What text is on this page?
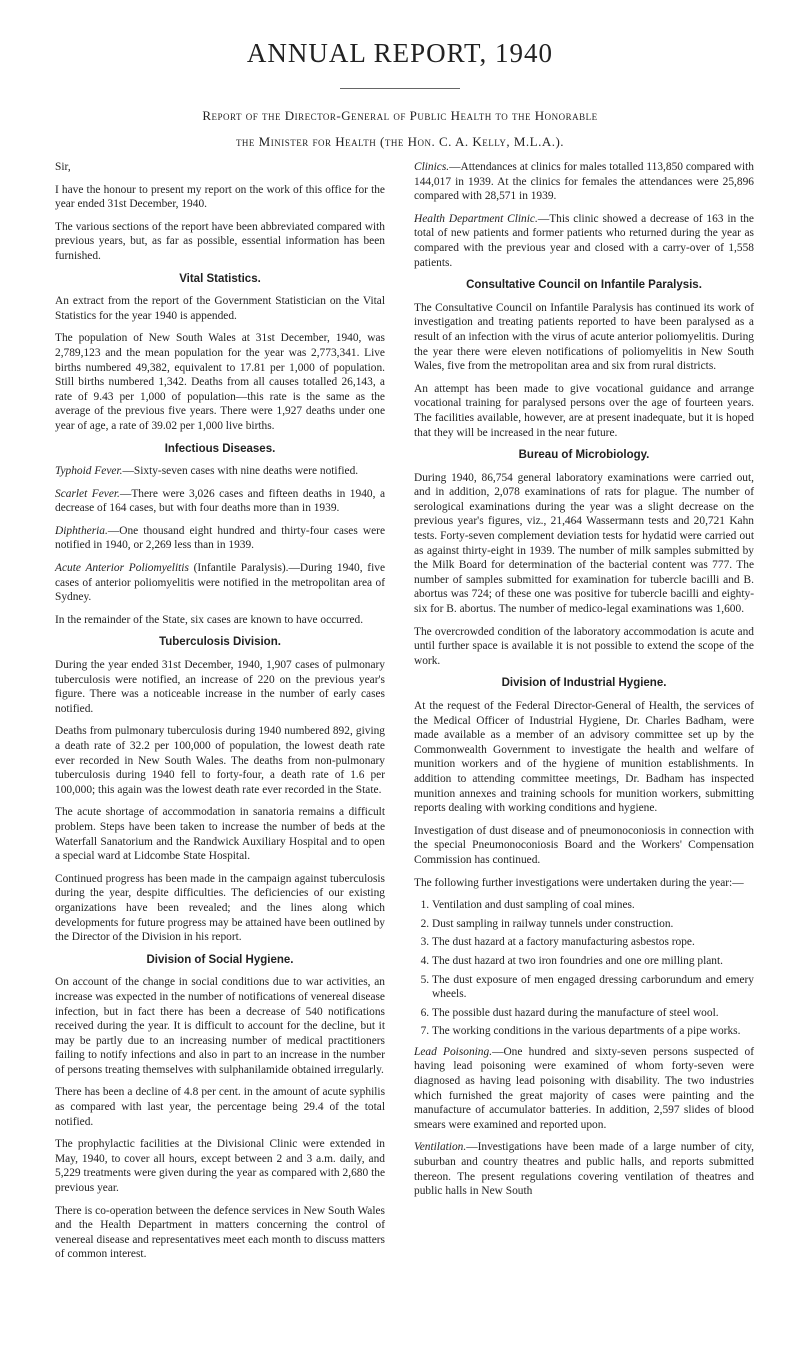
ANNUAL REPORT, 1940
Report of the Director-General of Public Health to the Honorable
the Minister for Health (the Hon. C. A. Kelly, M.L.A.).

Sir,

I have the honour to present my report on the work of this office for the year ended 31st December, 1940.

The various sections of the report have been abbreviated compared with previous years, but, as far as possible, essential information has been furnished.

Vital Statistics.

An extract from the report of the Government Statistician on the Vital Statistics for the year 1940 is appended.

The population of New South Wales at 31st December, 1940, was 2,789,123 and the mean population for the year was 2,773,341. Live births numbered 49,382, equivalent to 17.81 per 1,000 of population. Still births numbered 1,342. Deaths from all causes totalled 26,143, a rate of 9.43 per 1,000 of population—this rate is the same as the average of the previous five years. There were 1,927 deaths under one year of age, a rate of 39.02 per 1,000 live births.

Infectious Diseases.

Typhoid Fever.—Sixty-seven cases with nine deaths were notified.

Scarlet Fever.—There were 3,026 cases and fifteen deaths in 1940, a decrease of 164 cases, but with four deaths more than in 1939.

Diphtheria.—One thousand eight hundred and thirty-four cases were notified in 1940, or 2,269 less than in 1939.

Acute Anterior Poliomyelitis (Infantile Paralysis).—During 1940, five cases of anterior poliomyelitis were notified in the metropolitan area of Sydney.

In the remainder of the State, six cases are known to have occurred.

Tuberculosis Division.

During the year ended 31st December, 1940, 1,907 cases of pulmonary tuberculosis were notified, an increase of 220 on the previous year's figure. There was a noticeable increase in the number of early cases notified.

Deaths from pulmonary tuberculosis during 1940 numbered 892, giving a death rate of 32.2 per 100,000 of population, the lowest death rate ever recorded in New South Wales. The deaths from non-pulmonary tuberculosis during 1940 fell to forty-four, a death rate of 1.6 per 100,000; this again was the lowest death rate ever recorded in the State.

The acute shortage of accommodation in sanatoria remains a difficult problem. Steps have been taken to increase the number of beds at the Waterfall Sanatorium and the Randwick Auxiliary Hospital and to open a special ward at Lidcombe State Hospital.

Continued progress has been made in the campaign against tuberculosis during the year, despite difficulties. The deficiencies of our existing organizations have been revealed; and the lines along which developments for future progress may be attained have been outlined by the Director of the Division in his report.

Division of Social Hygiene.

On account of the change in social conditions due to war activities, an increase was expected in the number of notifications of venereal disease infection, but in fact there has been a decrease of 540 notifications received during the year. It is difficult to account for the decline, but it may be partly due to an increasing number of medical practitioners failing to notify infections and also in part to an increase in the number of persons treating themselves with sulphanilamide obtained irregularly.

There has been a decline of 4.8 per cent. in the amount of acute syphilis as compared with last year, the percentage being 29.4 of the total notified.

The prophylactic facilities at the Divisional Clinic were extended in May, 1940, to cover all hours, except between 2 and 3 a.m. daily, and 5,229 treatments were given during the year as compared with 2,680 the previous year.

There is co-operation between the defence services in New South Wales and the Health Department in matters concerning the control of venereal disease and representatives meet each month to discuss matters of common interest.

Clinics.—Attendances at clinics for males totalled 113,850 compared with 144,017 in 1939. At the clinics for females the attendances were 25,896 compared with 28,571 in 1939.

Health Department Clinic.—This clinic showed a decrease of 163 in the total of new patients and former patients who returned during the year as compared with the previous year and closed with a carry-over of 1,558 patients.

Consultative Council on Infantile Paralysis.

The Consultative Council on Infantile Paralysis has continued its work of investigation and treating patients reported to have been paralysed as a result of an infection with the virus of acute anterior poliomyelitis. During the year there were eleven notifications of poliomyelitis in New South Wales, five from the metropolitan area and six from rural districts.

An attempt has been made to give vocational guidance and arrange vocational training for paralysed persons over the age of fourteen years. The facilities available, however, are at present inadequate, but it is hoped that they will be increased in the near future.

Bureau of Microbiology.

During 1940, 86,754 general laboratory examinations were carried out, and in addition, 2,078 examinations of rats for plague. The number of serological examinations during the year was a slight decrease on the previous year's figures, viz., 21,464 Wassermann tests and 20,721 Kahn tests. Forty-seven complement deviation tests for hydatid were carried out as against thirty-eight in 1939. The number of milk samples submitted by the Milk Board for determination of the bacterial content was 777. The number of samples submitted for examination for tubercle bacilli and B. abortus was 724; of these one was positive for tubercle bacilli and eighty-six for B. abortus. The number of medico-legal examinations was 1,600.

The overcrowded condition of the laboratory accommodation is acute and until further space is available it is not possible to extend the scope of the work.

Division of Industrial Hygiene.

At the request of the Federal Director-General of Health, the services of the Medical Officer of Industrial Hygiene, Dr. Charles Badham, were made available as a member of an advisory committee set up by the Commonwealth Government to investigate the health and welfare of munition workers and of the hygiene of munition establishments. In addition to attending committee meetings, Dr. Badham has inspected munition annexes and training schools for munition workers, submitting reports dealing with working conditions and hygiene.

Investigation of dust disease and of pneumonoconiosis in connection with the special Pneumonoconiosis Board and the Workers' Compensation Commission has continued.

The following further investigations were undertaken during the year:—

1. Ventilation and dust sampling of coal mines.
2. Dust sampling in railway tunnels under construction.
3. The dust hazard at a factory manufacturing asbestos rope.
4. The dust hazard at two iron foundries and one ore milling plant.
5. The dust exposure of men engaged dressing carborundum and emery wheels.
6. The possible dust hazard during the manufacture of steel wool.
7. The working conditions in the various departments of a pipe works.

Lead Poisoning.—One hundred and sixty-seven persons suspected of having lead poisoning were examined of whom forty-seven were diagnosed as having lead poisoning with disability. The two industries which furnished the great majority of cases were painting and the manufacture of accumulator batteries. In addition, 2,597 slides of blood smears were examined and reported upon.

Ventilation.—Investigations have been made of a large number of city, suburban and country theatres and public halls, and reports submitted thereon. The present regulations covering ventilation of theatres and public halls in New South
